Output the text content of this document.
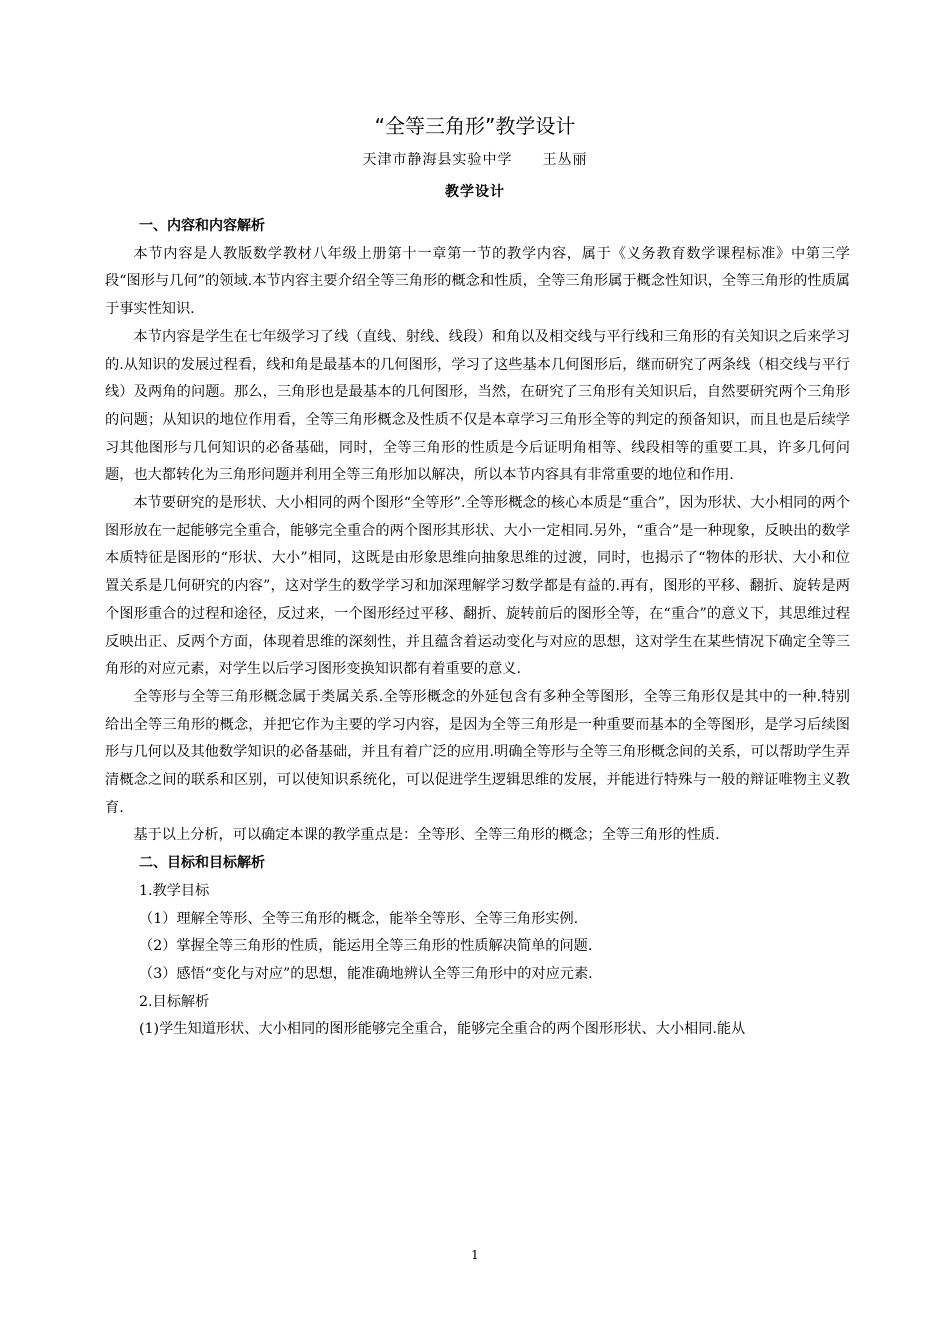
“全等三角形”教学设计
天津市静海县实验中学 王丛丽
教学设计

一、内容和内容解析

本节内容是人教版数学教材八年级上册第十一章第一节的教学内容，属于《义务教育数学课程标准》中第三学段“图形与几何”的领域.本节内容主要介绍全等三角形的概念和性质，全等三角形属于概念性知识，全等三角形的性质属于事实性知识.

本节内容是学生在七年级学习了线（直线、射线、线段）和角以及相交线与平行线和三角形的有关知识之后来学习的.从知识的发展过程看，线和角是最基本的几何图形，学习了这些基本几何图形后，继而研究了两条线（相交线与平行线）及两角的问题。那么，三角形也是最基本的几何图形，当然，在研究了三角形有关知识后，自然要研究两个三角形的问题；从知识的地位作用看，全等三角形概念及性质不仅是本章学习三角形全等的判定的预备知识，而且也是后续学习其他图形与几何知识的必备基础，同时，全等三角形的性质是今后证明角相等、线段相等的重要工具，许多几何问题，也大都转化为三角形问题并利用全等三角形加以解决，所以本节内容具有非常重要的地位和作用.

本节要研究的是形状、大小相同的两个图形“全等形”.全等形概念的核心本质是“重合”，因为形状、大小相同的两个图形放在一起能够完全重合，能够完全重合的两个图形其形状、大小一定相同.另外，“重合”是一种现象，反映出的数学本质特征是图形的“形状、大小”相同，这既是由形象思维向抽象思维的过渡，同时，也揭示了“物体的形状、大小和位置关系是几何研究的内容”，这对学生的数学学习和加深理解学习数学都是有益的.再有，图形的平移、翻折、旋转是两个图形重合的过程和途径，反过来，一个图形经过平移、翻折、旋转前后的图形全等，在“重合”的意义下，其思维过程反映出正、反两个方面，体现着思维的深刻性，并且蕴含着运动变化与对应的思想，这对学生在某些情况下确定全等三角形的对应元素，对学生以后学习图形变换知识都有着重要的意义.

全等形与全等三角形概念属于类属关系.全等形概念的外延包含有多种全等图形，全等三角形仅是其中的一种.特别给出全等三角形的概念，并把它作为主要的学习内容，是因为全等三角形是一种重要而基本的全等图形，是学习后续图形与几何以及其他数学知识的必备基础，并且有着广泛的应用.明确全等形与全等三角形概念间的关系，可以帮助学生弄清概念之间的联系和区别，可以使知识系统化，可以促进学生逻辑思维的发展，并能进行特殊与一般的辩证唯物主义教育.

基于以上分析，可以确定本课的教学重点是：全等形、全等三角形的概念；全等三角形的性质.

二、目标和目标解析

1.教学目标

（1）理解全等形、全等三角形的概念，能举全等形、全等三角形实例.

（2）掌握全等三角形的性质，能运用全等三角形的性质解决简单的问题.

（3）感悟“变化与对应”的思想，能准确地辨认全等三角形中的对应元素.

2.目标解析

(1)学生知道形状、大小相同的图形能够完全重合，能够完全重合的两个图形形状、大小相同.能从

1
